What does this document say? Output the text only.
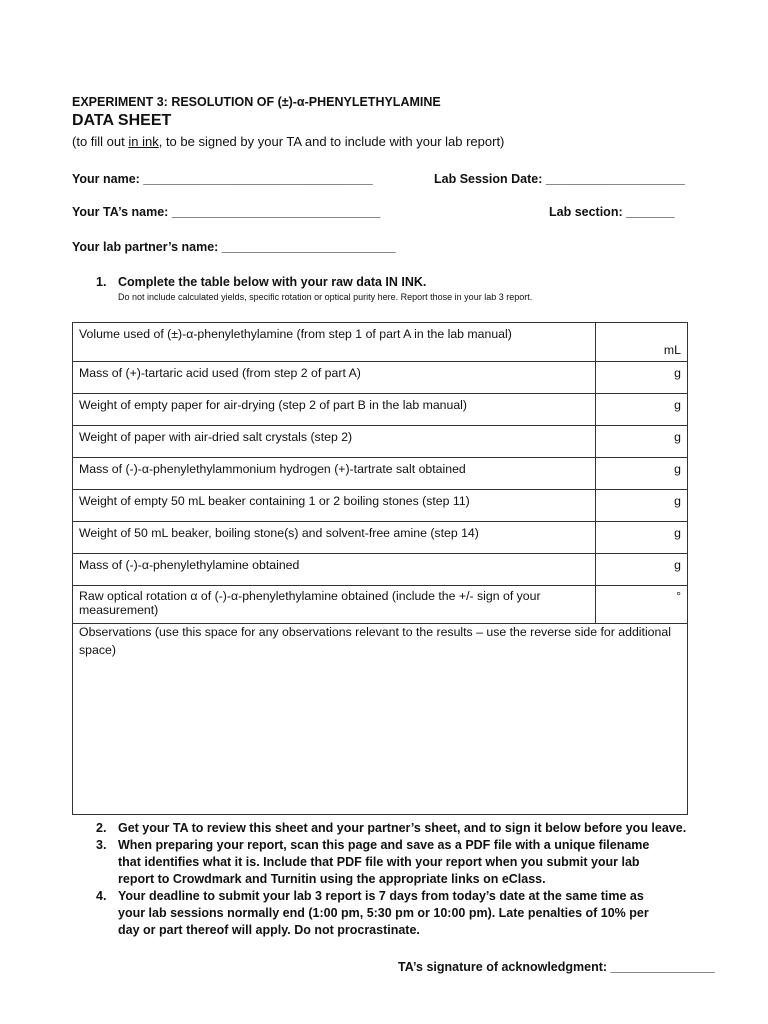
EXPERIMENT 3: RESOLUTION OF (±)-α-PHENYLETHYLAMINE
DATA SHEET
(to fill out in ink, to be signed by your TA and to include with your lab report)
Your name: _________________________________	Lab Session Date: ____________________
Your TA’s name: ______________________________	Lab section: _______
Your lab partner’s name: _________________________
1. Complete the table below with your raw data IN INK.
Do not include calculated yields, specific rotation or optical purity here. Report those in your lab 3 report.
Volume used of (±)-α-phenylethylamine (from step 1 of part A in the lab manual)	mL
Mass of (+)-tartaric acid used (from step 2 of part A)	g
Weight of empty paper for air-drying (step 2 of part B in the lab manual)	g
Weight of paper with air-dried salt crystals (step 2)	g
Mass of (-)-α-phenylethylammonium hydrogen (+)-tartrate salt obtained	g
Weight of empty 50 mL beaker containing 1 or 2 boiling stones (step 11)	g
Weight of 50 mL beaker, boiling stone(s) and solvent-free amine (step 14)	g
Mass of (-)-α-phenylethylamine obtained	g
Raw optical rotation α of (-)-α-phenylethylamine obtained (include the +/- sign of your measurement)	°
Observations (use this space for any observations relevant to the results – use the reverse side for additional space)	
2. Get your TA to review this sheet and your partner’s sheet, and to sign it below before you leave.
3. When preparing your report, scan this page and save as a PDF file with a unique filename that identifies what it is. Include that PDF file with your report when you submit your lab report to Crowdmark and Turnitin using the appropriate links on eClass.
4. Your deadline to submit your lab 3 report is 7 days from today’s date at the same time as your lab sessions normally end (1:00 pm, 5:30 pm or 10:00 pm). Late penalties of 10% per day or part thereof will apply. Do not procrastinate.
TA’s signature of acknowledgment: _______________
